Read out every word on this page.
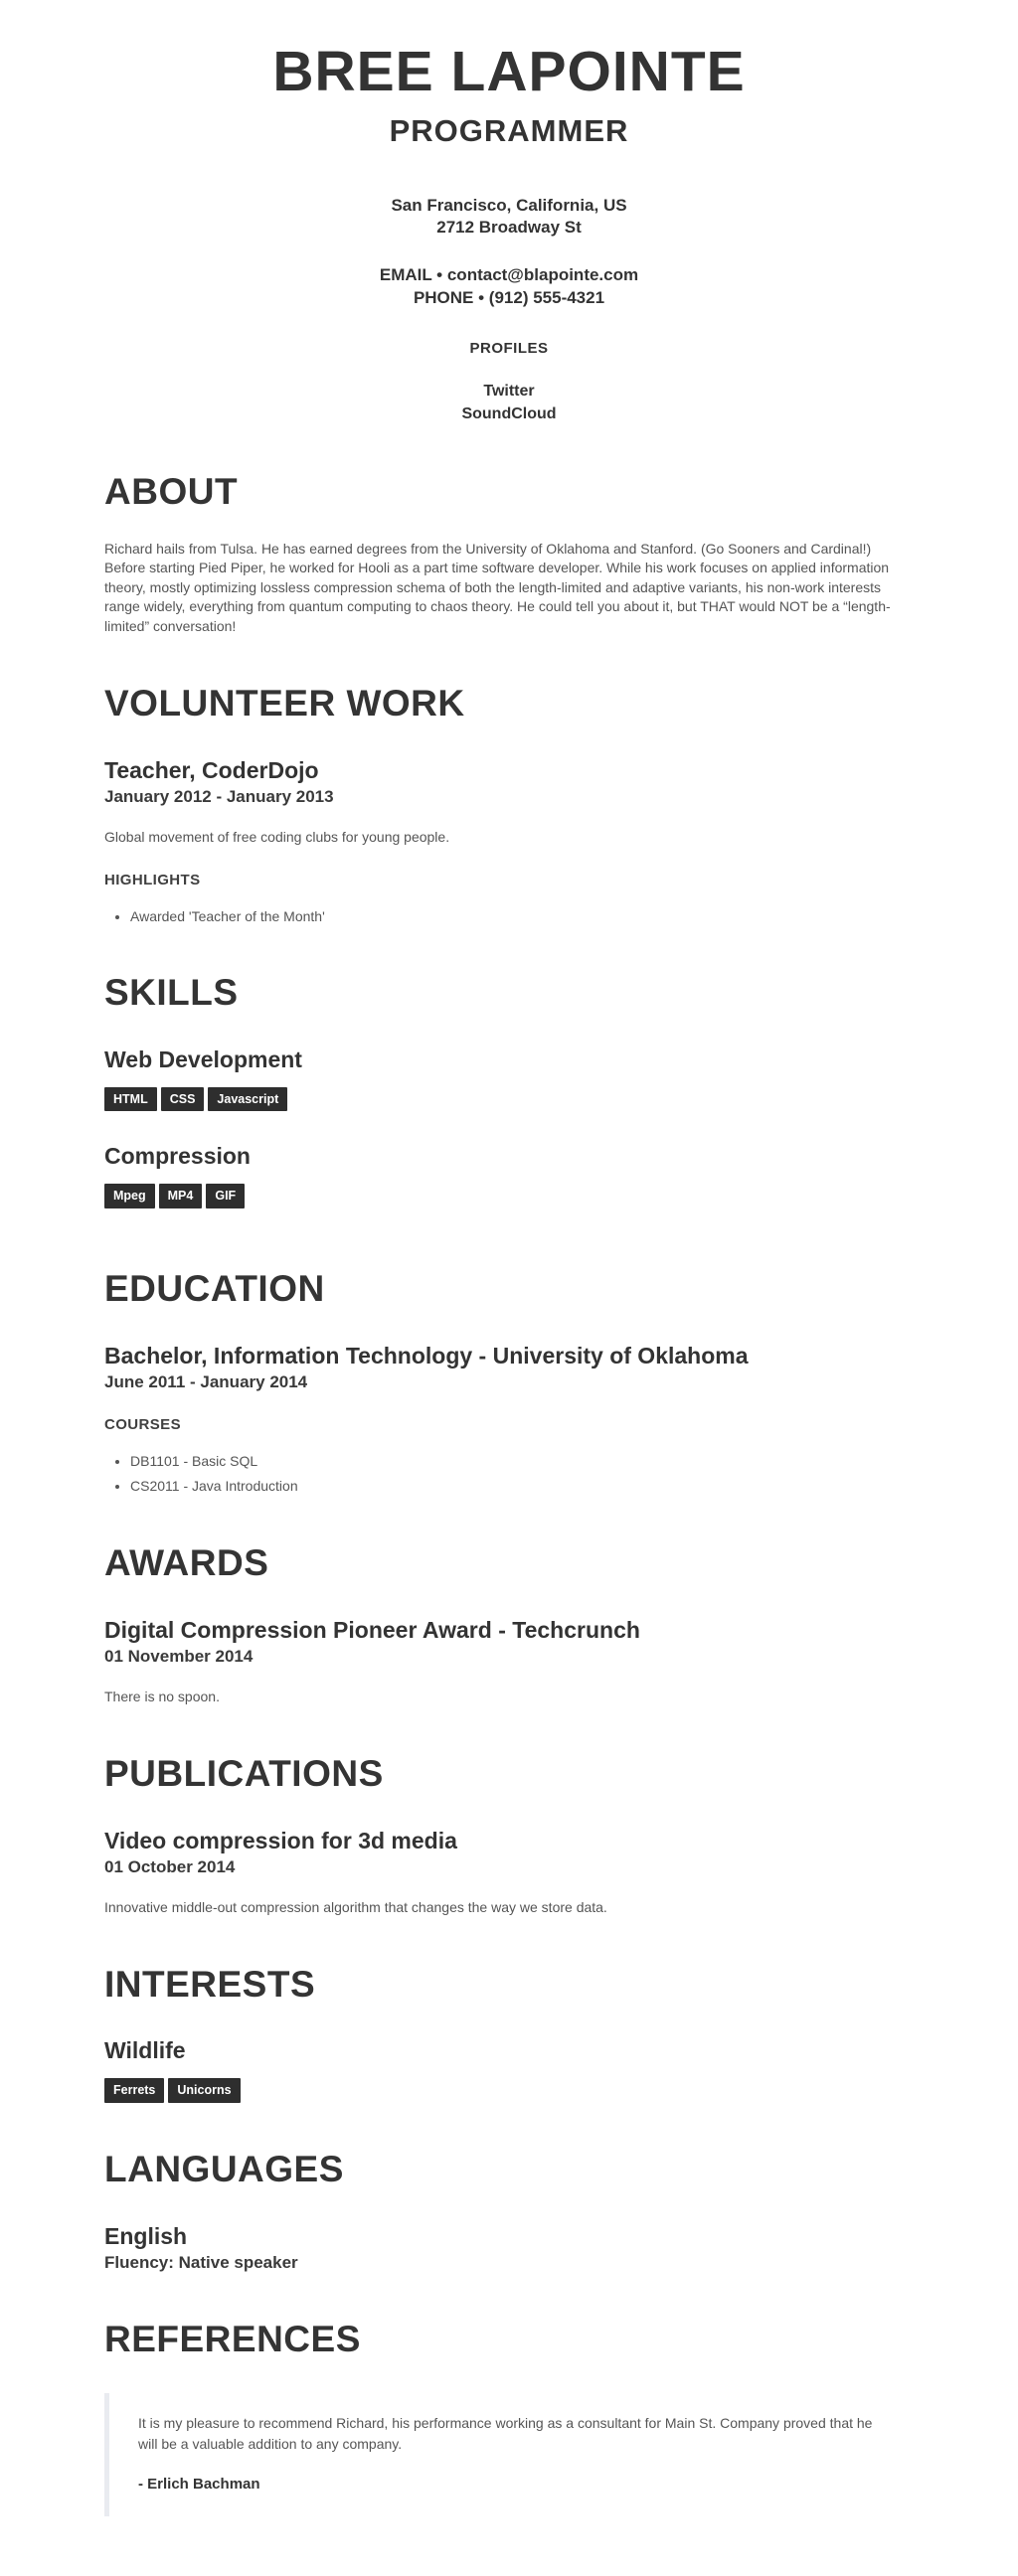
BREE LAPOINTE
PROGRAMMER
San Francisco, California, US
2712 Broadway St
EMAIL • contact@blapointe.com
PHONE • (912) 555-4321
PROFILES
Twitter
SoundCloud
ABOUT

Richard hails from Tulsa. He has earned degrees from the University of Oklahoma and Stanford. (Go Sooners and Cardinal!) Before starting Pied Piper, he worked for Hooli as a part time software developer. While his work focuses on applied information theory, mostly optimizing lossless compression schema of both the length-limited and adaptive variants, his non-work interests range widely, everything from quantum computing to chaos theory. He could tell you about it, but THAT would NOT be a “length-limited” conversation!

VOLUNTEER WORK
Teacher, CoderDojo
January 2012 - January 2013

Global movement of free coding clubs for young people.

HIGHLIGHTS
• Awarded 'Teacher of the Month'
SKILLS
Web Development
HTML	CSS	Javascript
Compression
Mpeg	MP4	GIF
EDUCATION
Bachelor, Information Technology - University of Oklahoma
June 2011 - January 2014
COURSES
• DB1101 - Basic SQL
• CS2011 - Java Introduction
AWARDS
Digital Compression Pioneer Award - Techcrunch
01 November 2014

There is no spoon.

PUBLICATIONS
Video compression for 3d media
01 October 2014

Innovative middle-out compression algorithm that changes the way we store data.

INTERESTS
Wildlife
Ferrets	Unicorns
LANGUAGES
English
Fluency: Native speaker
REFERENCES

It is my pleasure to recommend Richard, his performance working as a consultant for Main St. Company proved that he will be a valuable addition to any company.

- Erlich Bachman
